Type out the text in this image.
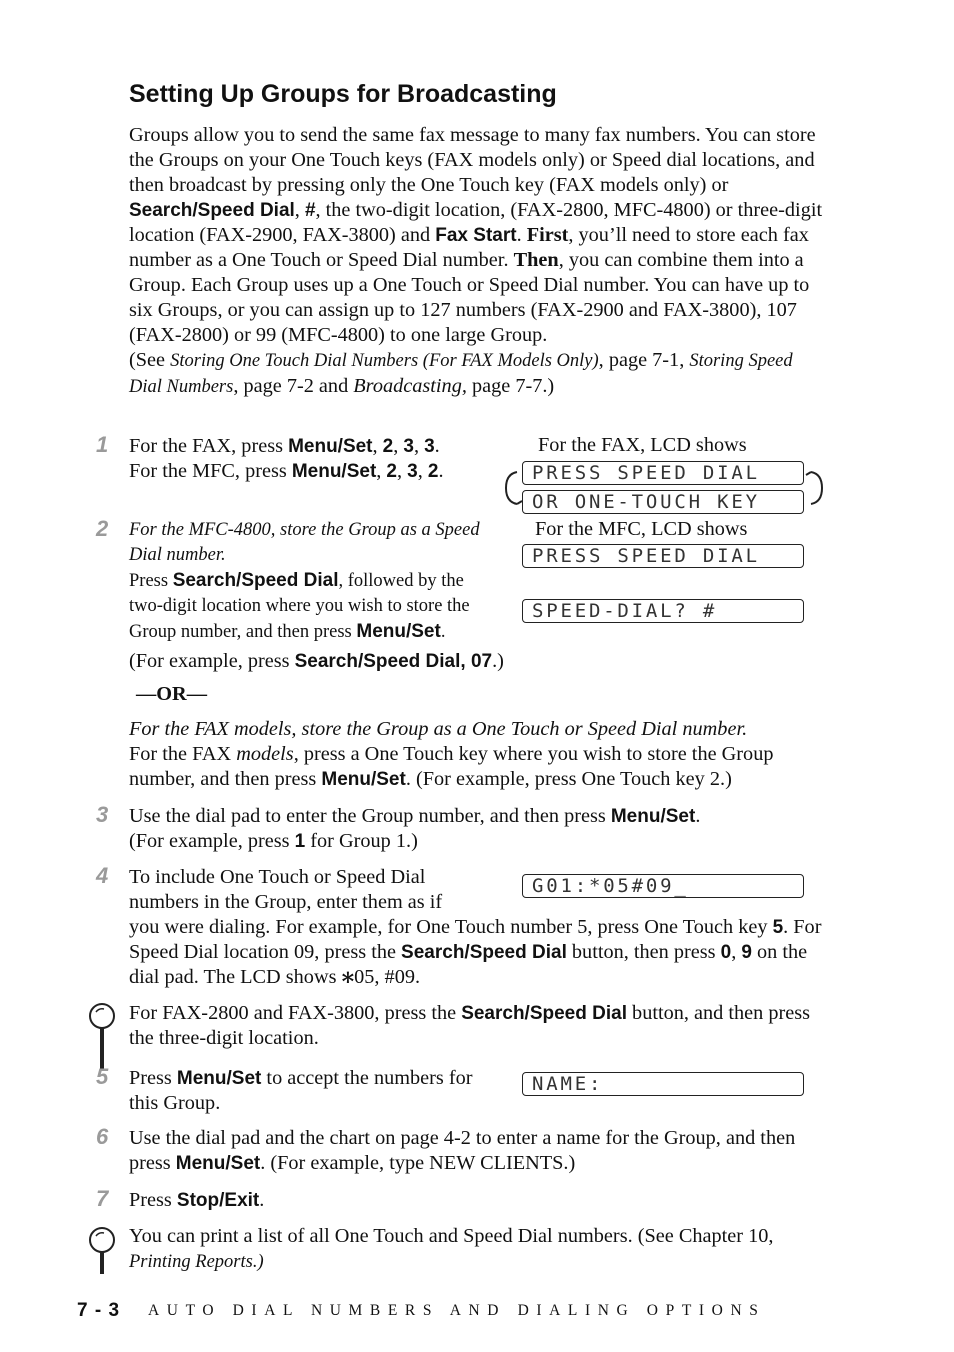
Setting Up Groups for Broadcasting

Groups allow you to send the same fax message to many fax numbers. You can store the Groups on your One Touch keys (FAX models only) or Speed dial locations, and then broadcast by pressing only the One Touch key (FAX models only) or Search/Speed Dial, #, the two-digit location, (FAX-2800, MFC-4800) or three-digit location (FAX-2900, FAX-3800) and Fax Start. First, you’ll need to store each fax number as a One Touch or Speed Dial number. Then, you can combine them into a Group. Each Group uses up a One Touch or Speed Dial number. You can have up to six Groups, or you can assign up to 127 numbers (FAX-2900 and FAX-3800), 107 (FAX-2800) or 99 (MFC-4800) to one large Group.

(See Storing One Touch Dial Numbers (For FAX Models Only), page 7-1, Storing Speed Dial Numbers, page 7-2 and Broadcasting, page 7-7.)

1 For the FAX, press Menu/Set, 2, 3, 3.
For the MFC, press Menu/Set, 2, 3, 2.
For the FAX, LCD shows
PRESS SPEED DIAL
OR ONE-TOUCH KEY
For the MFC, LCD shows
PRESS SPEED DIAL
2 For the MFC-4800, store the Group as a Speed Dial number.
Press Search/Speed Dial, followed by the two-digit location where you wish to store the Group number, and then press Menu/Set.
SPEED-DIAL? #
(For example, press Search/Speed Dial, 07.)
—OR—
For the FAX models, store the Group as a One Touch or Speed Dial number.
For the FAX models, press a One Touch key where you wish to store the Group number, and then press Menu/Set. (For example, press One Touch key 2.)
3 Use the dial pad to enter the Group number, and then press Menu/Set.
(For example, press 1 for Group 1.)
4 To include One Touch or Speed Dial numbers in the Group, enter them as if
G01:*05#09_
you were dialing. For example, for One Touch number 5, press One Touch key 5. For Speed Dial location 09, press the Search/Speed Dial button, then press 0, 9 on the dial pad. The LCD shows ⁎05, #09.
For FAX-2800 and FAX-3800, press the Search/Speed Dial button, and then press the three-digit location.
5 Press Menu/Set to accept the numbers for this Group.
NAME:
6 Use the dial pad and the chart on page 4-2 to enter a name for the Group, and then press Menu/Set. (For example, type NEW CLIENTS.)
7 Press Stop/Exit.
You can print a list of all One Touch and Speed Dial numbers. (See Chapter 10, Printing Reports.)
7 - 3 AUTO DIAL NUMBERS AND DIALING OPTIONS
